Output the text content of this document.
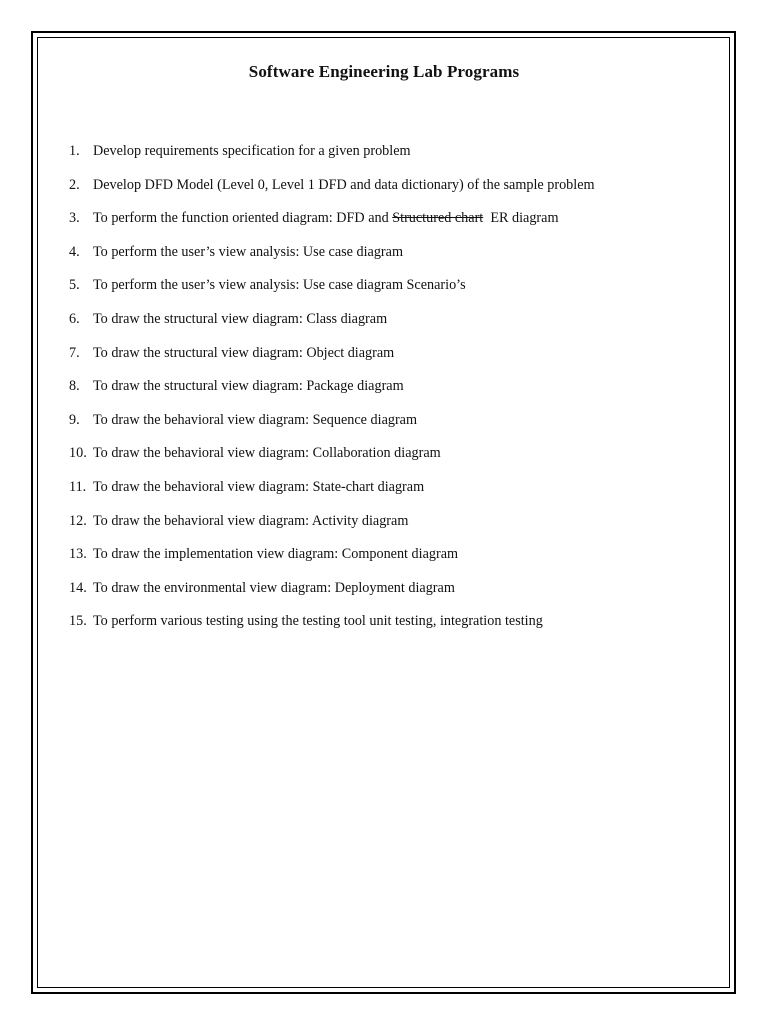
Software Engineering Lab Programs
1. Develop requirements specification for a given problem
2. Develop DFD Model (Level 0, Level 1 DFD and data dictionary) of the sample problem
3. To perform the function oriented diagram: DFD and Structured chart  ER diagram
4. To perform the user’s view analysis: Use case diagram
5. To perform the user’s view analysis: Use case diagram Scenario’s
6. To draw the structural view diagram: Class diagram
7. To draw the structural view diagram: Object diagram
8. To draw the structural view diagram: Package diagram
9. To draw the behavioral view diagram: Sequence diagram
10. To draw the behavioral view diagram: Collaboration diagram
11. To draw the behavioral view diagram: State-chart diagram
12. To draw the behavioral view diagram: Activity diagram
13. To draw the implementation view diagram: Component diagram
14. To draw the environmental view diagram: Deployment diagram
15. To perform various testing using the testing tool unit testing, integration testing
